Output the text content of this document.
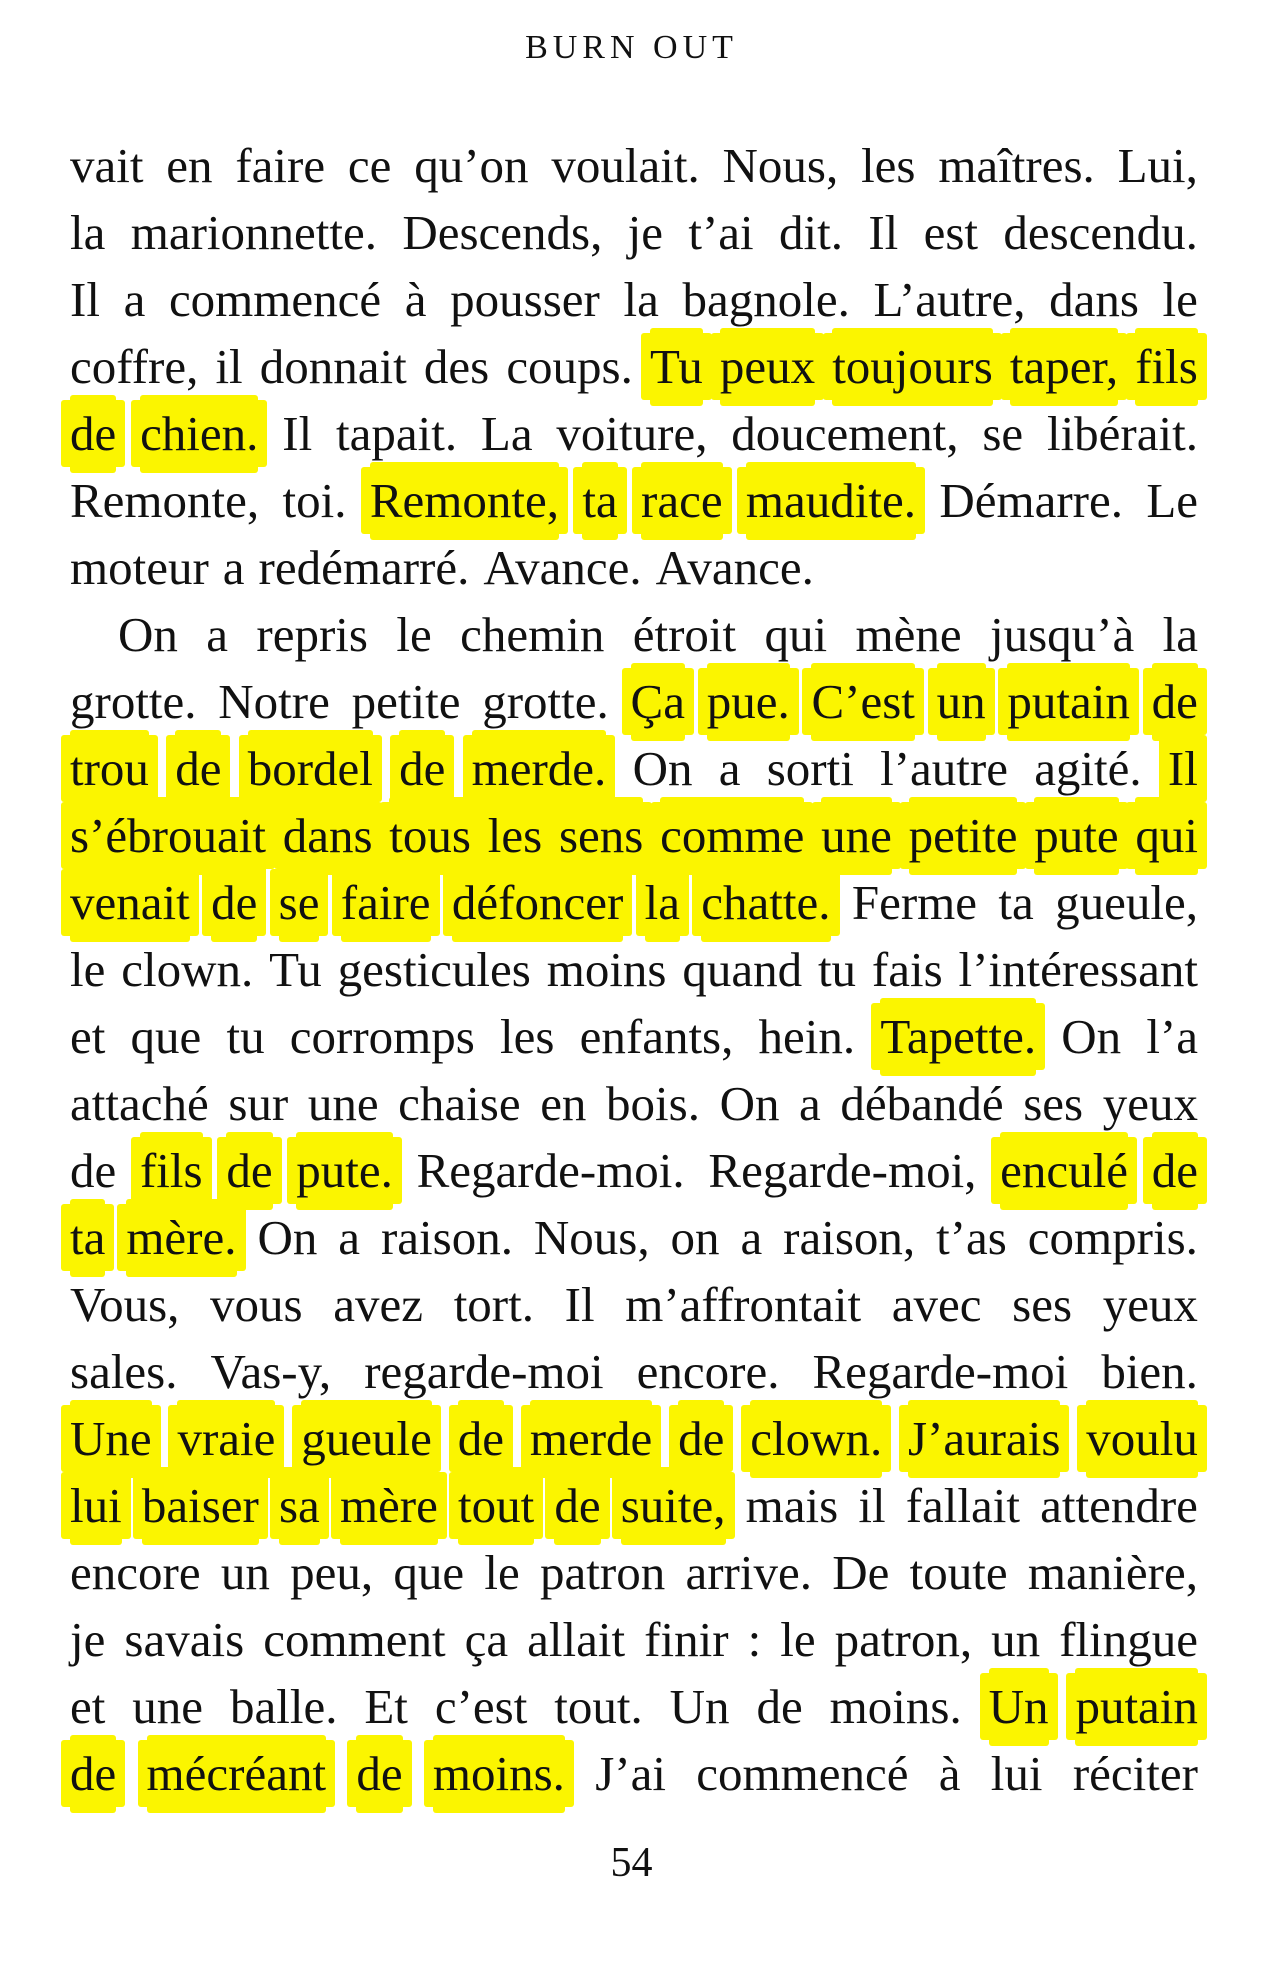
BURN OUT
vait en faire ce qu’on voulait. Nous, les maîtres. Lui,
la marionnette. Descends, je t’ai dit. Il est descendu.
Il a commencé à pousser la bagnole. L’autre, dans le
coffre, il donnait des coups. Tu peux toujours taper, fils
de chien. Il tapait. La voiture, doucement, se libérait.
Remonte, toi. Remonte, ta race maudite. Démarre. Le
moteur a redémarré. Avance. Avance.
On a repris le chemin étroit qui mène jusqu’à la
grotte. Notre petite grotte. Ça pue. C’est un putain de
trou de bordel de merde. On a sorti l’autre agité. Il
s’ébrouait dans tous les sens comme une petite pute qui
venait de se faire défoncer la chatte. Ferme ta gueule,
le clown. Tu gesticules moins quand tu fais l’intéressant
et que tu corromps les enfants, hein. Tapette. On l’a
attaché sur une chaise en bois. On a débandé ses yeux
de fils de pute. Regarde-moi. Regarde-moi, enculé de
ta mère. On a raison. Nous, on a raison, t’as compris.
Vous, vous avez tort. Il m’affrontait avec ses yeux
sales. Vas-y, regarde-moi encore. Regarde-moi bien.
Une vraie gueule de merde de clown. J’aurais voulu
lui baiser sa mère tout de suite, mais il fallait attendre
encore un peu, que le patron arrive. De toute manière,
je savais comment ça allait finir : le patron, un flingue
et une balle. Et c’est tout. Un de moins. Un putain
de mécréant de moins. J’ai commencé à lui réciter
54
